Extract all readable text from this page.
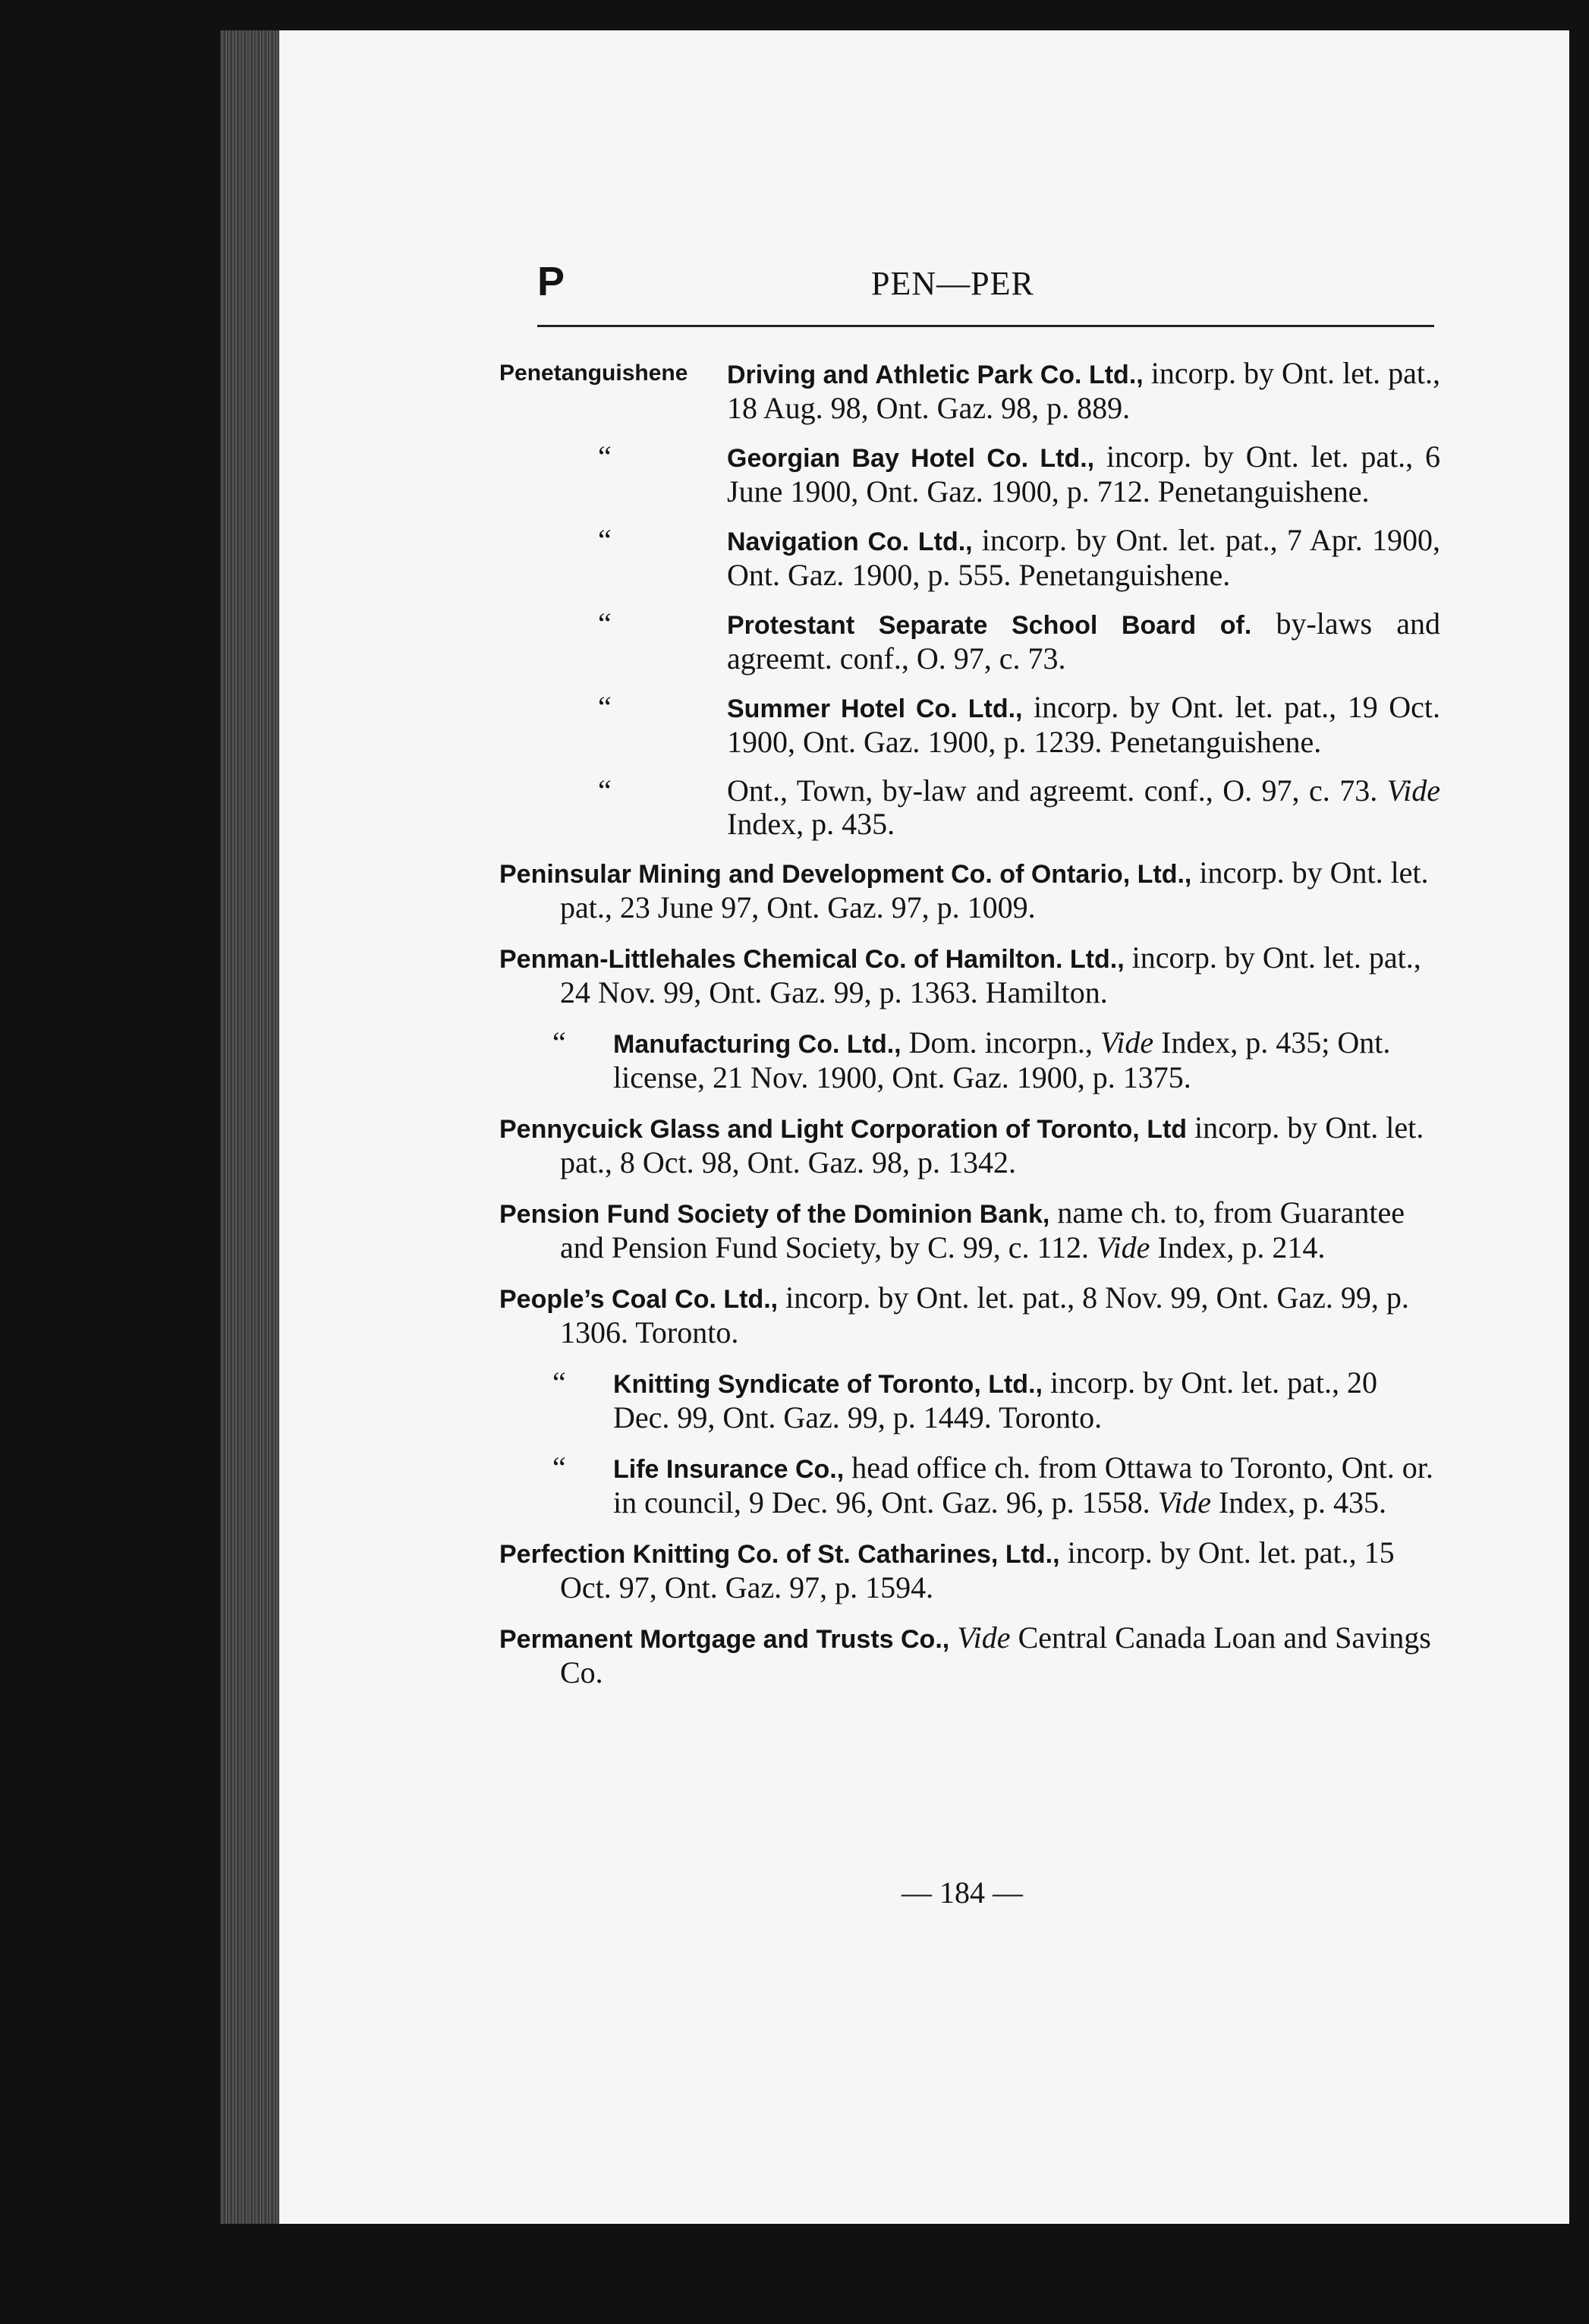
P	PEN—PER
Penetanguishene	Driving and Athletic Park Co. Ltd., incorp. by Ont. let. pat., 18 Aug. 98, Ont. Gaz. 98, p. 889.
“	Georgian Bay Hotel Co. Ltd., incorp. by Ont. let. pat., 6 June 1900, Ont. Gaz. 1900, p. 712. Penetanguishene.
“	Navigation Co. Ltd., incorp. by Ont. let. pat., 7 Apr. 1900, Ont. Gaz. 1900, p. 555. Penetanguishene.
“	Protestant Separate School Board of. by-laws and agreemt. conf., O. 97, c. 73.
“	Summer Hotel Co. Ltd., incorp. by Ont. let. pat., 19 Oct. 1900, Ont. Gaz. 1900, p. 1239. Penetanguishene.
“	Ont., Town, by-law and agreemt. conf., O. 97, c. 73. Vide Index, p. 435.
Peninsular Mining and Development Co. of Ontario, Ltd., incorp. by Ont. let. pat., 23 June 97, Ont. Gaz. 97, p. 1009.
Penman-Littlehales Chemical Co. of Hamilton. Ltd., incorp. by Ont. let. pat., 24 Nov. 99, Ont. Gaz. 99, p. 1363. Hamilton.
“ Manufacturing Co. Ltd., Dom. incorpn., Vide Index, p. 435; Ont. license, 21 Nov. 1900, Ont. Gaz. 1900, p. 1375.
Pennycuick Glass and Light Corporation of Toronto, Ltd incorp. by Ont. let. pat., 8 Oct. 98, Ont. Gaz. 98, p. 1342.
Pension Fund Society of the Dominion Bank, name ch. to, from Guarantee and Pension Fund Society, by C. 99, c. 112. Vide Index, p. 214.
People’s Coal Co. Ltd., incorp. by Ont. let. pat., 8 Nov. 99, Ont. Gaz. 99, p. 1306. Toronto.
“ Knitting Syndicate of Toronto, Ltd., incorp. by Ont. let. pat., 20 Dec. 99, Ont. Gaz. 99, p. 1449. Toronto.
“ Life Insurance Co., head office ch. from Ottawa to Toronto, Ont. or. in council, 9 Dec. 96, Ont. Gaz. 96, p. 1558. Vide Index, p. 435.
Perfection Knitting Co. of St. Catharines, Ltd., incorp. by Ont. let. pat., 15 Oct. 97, Ont. Gaz. 97, p. 1594.
Permanent Mortgage and Trusts Co., Vide Central Canada Loan and Savings Co.
— 184 —
